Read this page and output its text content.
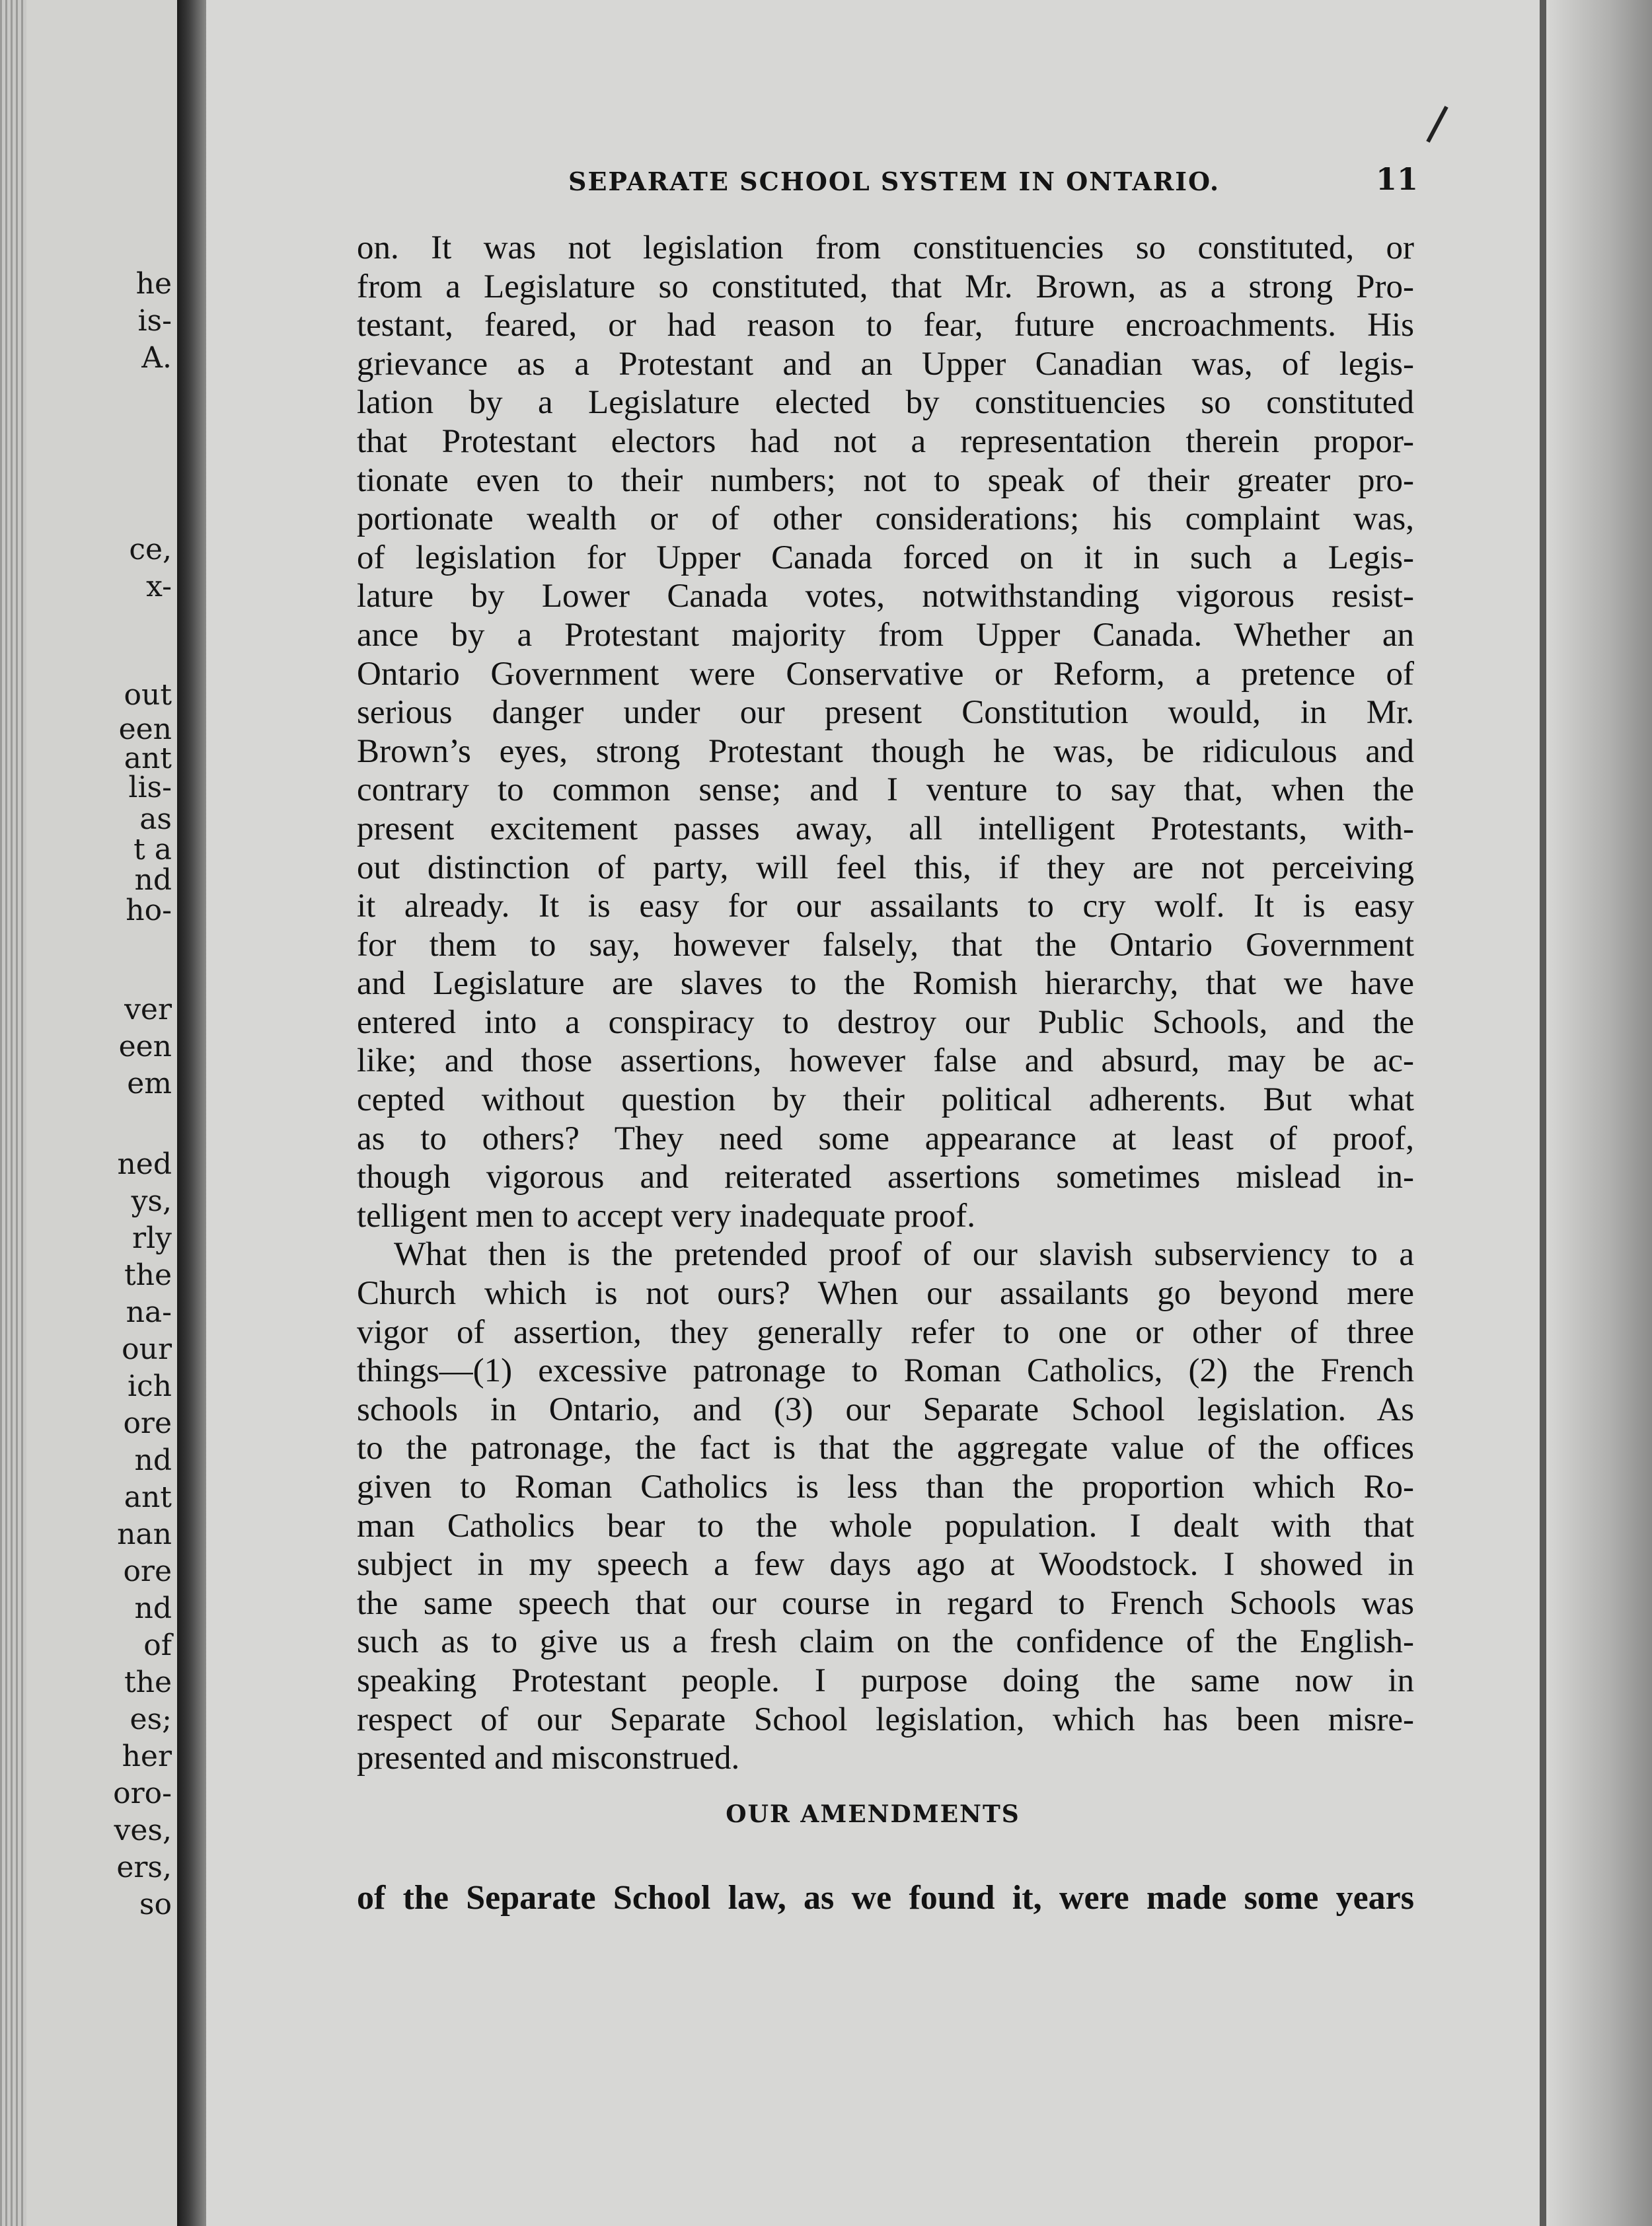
he
is-
A.
ce,
x-
out
een
ant
lis-
as
t a
nd
ho-
ver
een
em
ned
ys,
rly
the
na-
our
ich
ore
nd
ant
nan
ore
nd
of
the
es;
her
oro-
ves,
ers,
so
SEPARATE SCHOOL SYSTEM IN ONTARIO.	11
on. It was not legislation from constituencies so constituted, or
from a Legislature so constituted, that Mr. Brown, as a strong Pro-
testant, feared, or had reason to fear, future encroachments. His
grievance as a Protestant and an Upper Canadian was, of legis-
lation by a Legislature elected by constituencies so constituted
that Protestant electors had not a representation therein propor-
tionate even to their numbers; not to speak of their greater pro-
portionate wealth or of other considerations; his complaint was,
of legislation for Upper Canada forced on it in such a Legis-
lature by Lower Canada votes, notwithstanding vigorous resist-
ance by a Protestant majority from Upper Canada. Whether an
Ontario Government were Conservative or Reform, a pretence of
serious danger under our present Constitution would, in Mr.
Brown’s eyes, strong Protestant though he was, be ridiculous and
contrary to common sense; and I venture to say that, when the
present excitement passes away, all intelligent Protestants, with-
out distinction of party, will feel this, if they are not perceiving
it already. It is easy for our assailants to cry wolf. It is easy
for them to say, however falsely, that the Ontario Government
and Legislature are slaves to the Romish hierarchy, that we have
entered into a conspiracy to destroy our Public Schools, and the
like; and those assertions, however false and absurd, may be ac-
cepted without question by their political adherents. But what
as to others? They need some appearance at least of proof,
though vigorous and reiterated assertions sometimes mislead in-
telligent men to accept very inadequate proof.
What then is the pretended proof of our slavish subserviency to a
Church which is not ours? When our assailants go beyond mere
vigor of assertion, they generally refer to one or other of three
things—(1) excessive patronage to Roman Catholics, (2) the French
schools in Ontario, and (3) our Separate School legislation. As
to the patronage, the fact is that the aggregate value of the offices
given to Roman Catholics is less than the proportion which Ro-
man Catholics bear to the whole population. I dealt with that
subject in my speech a few days ago at Woodstock. I showed in
the same speech that our course in regard to French Schools was
such as to give us a fresh claim on the confidence of the English-
speaking Protestant people. I purpose doing the same now in
respect of our Separate School legislation, which has been misre-
presented and misconstrued.
OUR AMENDMENTS
of the Separate School law, as we found it, were made some years
